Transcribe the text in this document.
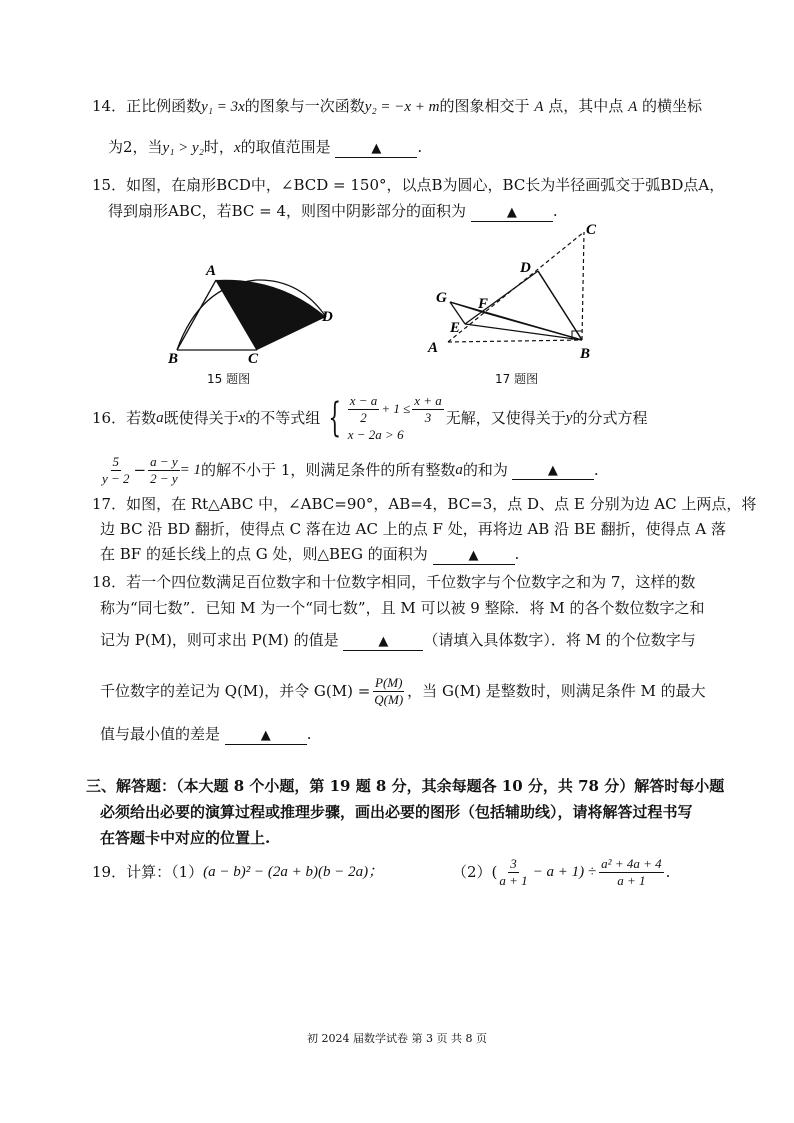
14．正比例函数y₁ = 3x的图象与一次函数y₂ = −x + m的图象相交于 A 点，其中点 A 的横坐标
为2，当y₁ > y₂时，x的取值范围是	▲ .
15．如图，在扇形BCD中，∠BCD = 150°，以点B为圆心，BC长为半径画弧交于弧BD点A，
得到扇形ABC，若BC = 4，则图中阴影部分的面积为	▲ .
A
B	C
D
15 题图
C
D
G F
E
A	B
17 题图
16． 若数 a 既使得关于 x 的不等式组 { $\frac{x - a}{2} + 1 \le \frac{x + a}{3}$
x − 2a > 6
无解，又使得关于 y 的分式方程
$\frac{5}{y - 2} - \frac{a - y}{2 - y} = 1$ 的解不小于 1，则满足条件的所有整数 a 的和为	▲	.
17．如图，在 Rt△ABC 中，∠ABC=90°，AB=4，BC=3，点 D、点 E 分别为边 AC 上两点，将
边 BC 沿 BD 翻折，使得点 C 落在边 AC 上的点 F 处，再将边 AB 沿 BE 翻折，使得点 A 落
在 BF 的延长线上的点 G 处，则△BEG 的面积为	▲ .
18．若一个四位数满足百位数字和十位数字相同，千位数字与个位数字之和为 7，这样的数
称为“同七数”．已知 M 为一个“同七数”，且 M 可以被 9 整除．将 M 的各个数位数字之和
记为 P(M)，则可求出 P(M) 的值是	▲ （请填入具体数字）．将 M 的个位数字与
千位数字的差记为 Q(M)，并令 $G(M) = \frac{P(M)}{Q(M)}$ ，当 G(M) 是整数时，则满足条件 M 的最大
值与最小值的差是	▲ .
三、解答题：（本大题 8 个小题，第 19 题 8 分，其余每题各 10 分，共 78 分）解答时每小题
必须给出必要的演算过程或推理步骤，画出必要的图形（包括辅助线），请将解答过程书写
在答题卡中对应的位置上.
19． 计算：（1） (a − b)² − (2a + b)(b − 2a)；	（2） ( $\frac{3}{a + 1} - a + 1) \div \frac{\text{a² + 4a + 4}}{a + 1}$ .
初 2024 届数学试卷 第 3 页 共 8 页
